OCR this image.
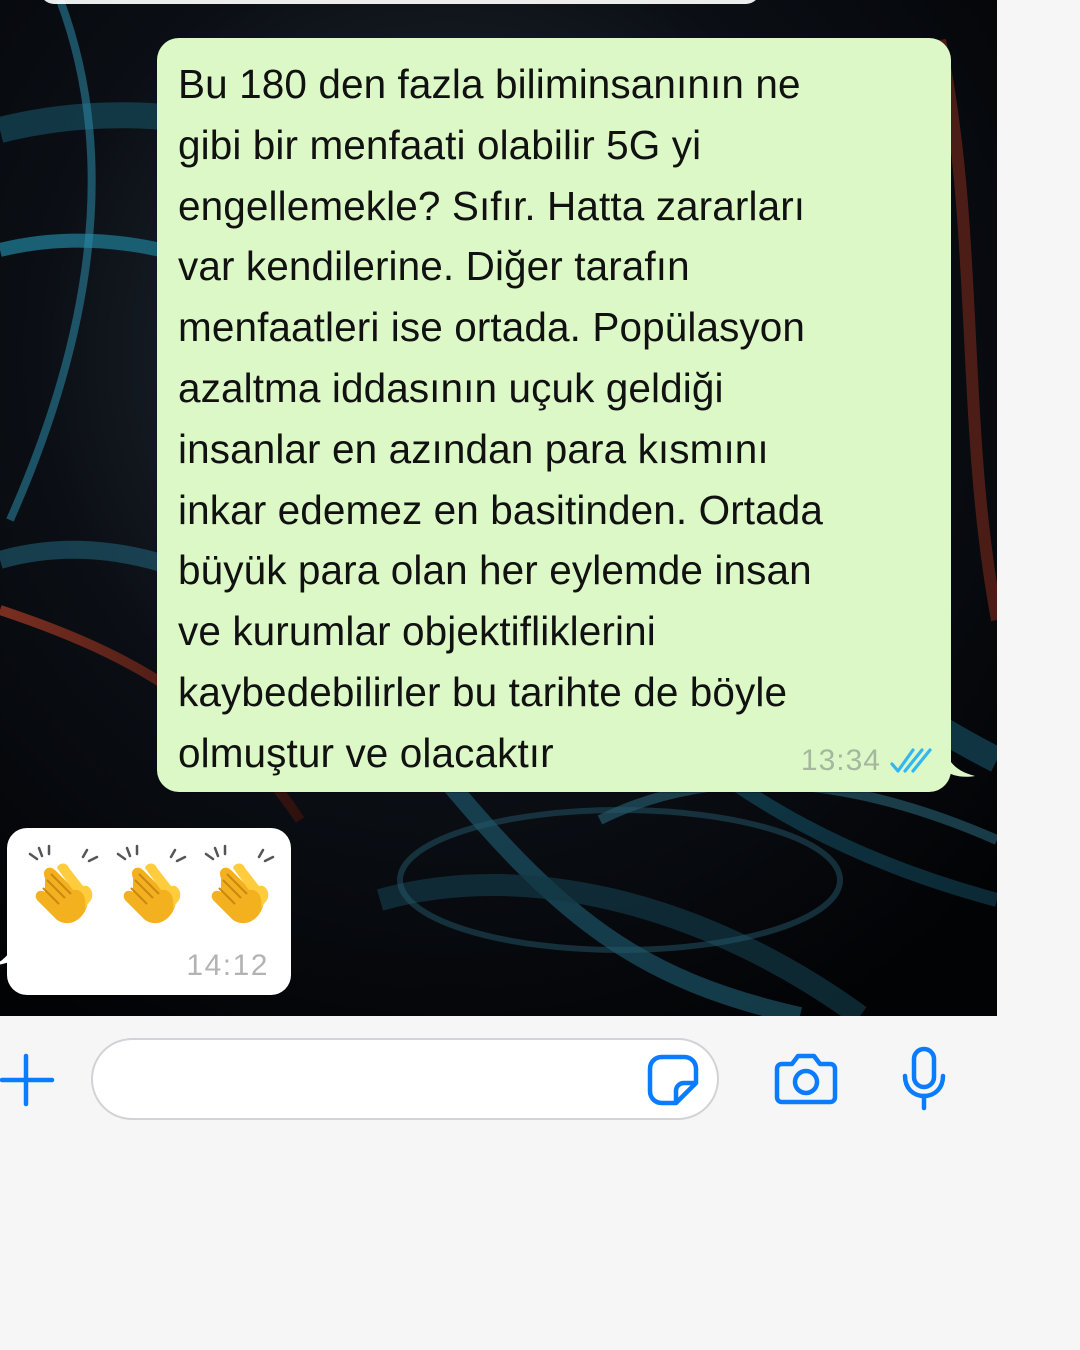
Bu 180 den fazla biliminsanının ne
gibi bir menfaati olabilir 5G yi
engellemekle? Sıfır. Hatta zararları
var kendilerine. Diğer tarafın
menfaatleri ise ortada. Popülasyon
azaltma iddasının uçuk geldiği
insanlar en azından para kısmını
inkar edemez en basitinden. Ortada
büyük para olan her eylemde insan
ve kurumlar objektifliklerini
kaybedebilirler bu tarihte de böyle
olmuştur ve olacaktır	13:34
14:12
